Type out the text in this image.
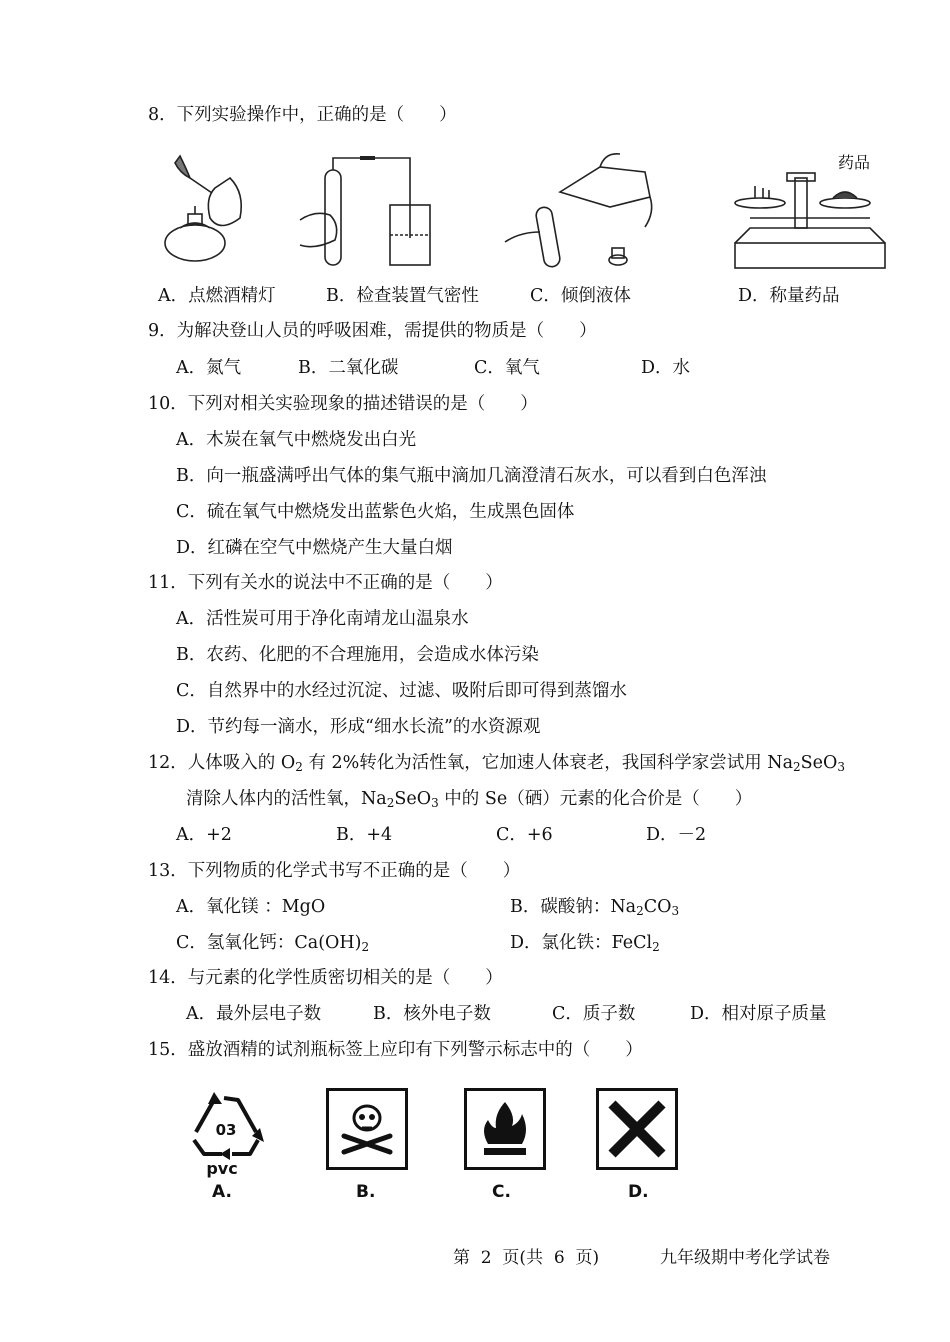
8．下列实验操作中，正确的是（　　）
药品
A．点燃酒精灯	B．检查装置气密性	C．倾倒液体	D．称量药品
9．为解决登山人员的呼吸困难，需提供的物质是（　　）
A．氮气	B．二氧化碳	C．氧气	D．水
10．下列对相关实验现象的描述错误的是（　　）
A．木炭在氧气中燃烧发出白光
B．向一瓶盛满呼出气体的集气瓶中滴加几滴澄清石灰水，可以看到白色浑浊
C．硫在氧气中燃烧发出蓝紫色火焰，生成黑色固体
D．红磷在空气中燃烧产生大量白烟
11．下列有关水的说法中不正确的是（　　）
A．活性炭可用于净化南靖龙山温泉水
B．农药、化肥的不合理施用，会造成水体污染
C．自然界中的水经过沉淀、过滤、吸附后即可得到蒸馏水
D．节约每一滴水，形成“细水长流”的水资源观
12．人体吸入的 $O_2$ 有 2%转化为活性氧，它加速人体衰老，我国科学家尝试用 $Na_2SeO_3$
清除人体内的活性氧，$Na_2SeO_3$ 中的 Se（硒）元素的化合价是（　　）
A．+2	B．+4	C．+6	D．－2
13．下列物质的化学式书写不正确的是（　　）
A．氧化镁 ：MgO	B．碳酸钠：$Na_2CO_3$
C．氢氧化钙：$Ca(OH)_2$	D．氯化铁：FeCl$_2$
14．与元素的化学性质密切相关的是（　　）
A．最外层电子数	B．核外电子数	C．质子数	D．相对原子质量
15．盛放酒精的试剂瓶标签上应印有下列警示标志中的（　　）
03
pvc
A.	B.	C.	D.
第  2  页(共  6  页)	九年级期中考化学试卷
